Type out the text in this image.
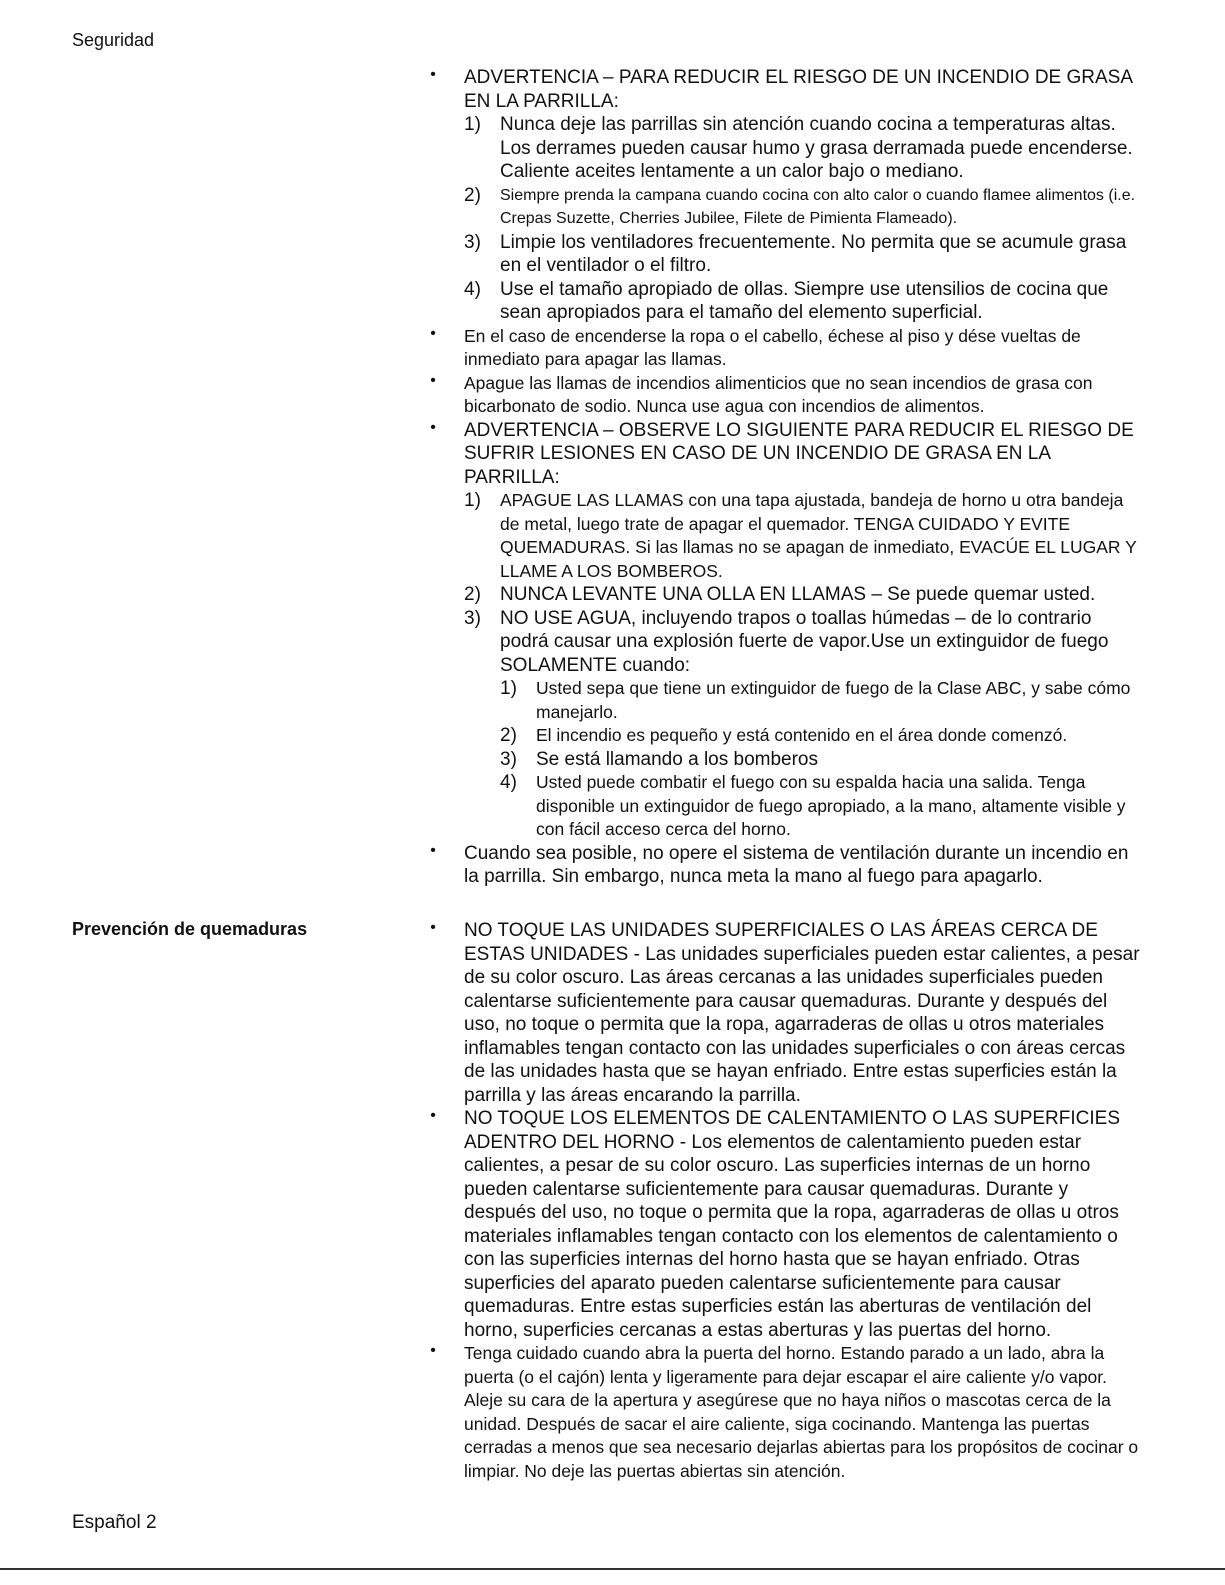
Seguridad
• ADVERTENCIA – PARA REDUCIR EL RIESGO DE UN INCENDIO DE GRASA EN LA PARRILLA:
1) Nunca deje las parrillas sin atención cuando cocina a temperaturas altas. Los derrames pueden causar humo y grasa derramada puede encenderse. Caliente aceites lentamente a un calor bajo o mediano.
2) Siempre prenda la campana cuando cocina con alto calor o cuando flamee alimentos (i.e. Crepas Suzette, Cherries Jubilee, Filete de Pimienta Flameado).
3) Limpie los ventiladores frecuentemente. No permita que se acumule grasa en el ventilador o el filtro.
4) Use el tamaño apropiado de ollas. Siempre use utensilios de cocina que sean apropiados para el tamaño del elemento superficial.
• En el caso de encenderse la ropa o el cabello, échese al piso y dése vueltas de inmediato para apagar las llamas.
• Apague las llamas de incendios alimenticios que no sean incendios de grasa con bicarbonato de sodio. Nunca use agua con incendios de alimentos.
• ADVERTENCIA – OBSERVE LO SIGUIENTE PARA REDUCIR EL RIESGO DE SUFRIR LESIONES EN CASO DE UN INCENDIO DE GRASA EN LA PARRILLA:
1) APAGUE LAS LLAMAS con una tapa ajustada, bandeja de horno u otra bandeja de metal, luego trate de apagar el quemador. TENGA CUIDADO Y EVITE QUEMADURAS. Si las llamas no se apagan de inmediato, EVACÚE EL LUGAR Y LLAME A LOS BOMBEROS.
2) NUNCA LEVANTE UNA OLLA EN LLAMAS – Se puede quemar usted.
3) NO USE AGUA, incluyendo trapos o toallas húmedas – de lo contrario podrá causar una explosión fuerte de vapor.Use un extinguidor de fuego SOLAMENTE cuando:
1) Usted sepa que tiene un extinguidor de fuego de la Clase ABC, y sabe cómo manejarlo.
2) El incendio es pequeño y está contenido en el área donde comenzó.
3) Se está llamando a los bomberos
4) Usted puede combatir el fuego con su espalda hacia una salida. Tenga disponible un extinguidor de fuego apropiado, a la mano, altamente visible y con fácil acceso cerca del horno.
• Cuando sea posible, no opere el sistema de ventilación durante un incendio en la parrilla. Sin embargo, nunca meta la mano al fuego para apagarlo.
Prevención de quemaduras	• NO TOQUE LAS UNIDADES SUPERFICIALES O LAS ÁREAS CERCA DE ESTAS UNIDADES - Las unidades superficiales pueden estar calientes, a pesar de su color oscuro. Las áreas cercanas a las unidades superficiales pueden calentarse suficientemente para causar quemaduras. Durante y después del uso, no toque o permita que la ropa, agarraderas de ollas u otros materiales inflamables tengan contacto con las unidades superficiales o con áreas cercas de las unidades hasta que se hayan enfriado. Entre estas superficies están la parrilla y las áreas encarando la parrilla.
• NO TOQUE LOS ELEMENTOS DE CALENTAMIENTO O LAS SUPERFICIES ADENTRO DEL HORNO - Los elementos de calentamiento pueden estar calientes, a pesar de su color oscuro. Las superficies internas de un horno pueden calentarse suficientemente para causar quemaduras. Durante y después del uso, no toque o permita que la ropa, agarraderas de ollas u otros materiales inflamables tengan contacto con los elementos de calentamiento o con las superficies internas del horno hasta que se hayan enfriado. Otras superficies del aparato pueden calentarse suficientemente para causar quemaduras. Entre estas superficies están las aberturas de ventilación del horno, superficies cercanas a estas aberturas y las puertas del horno.
• Tenga cuidado cuando abra la puerta del horno. Estando parado a un lado, abra la puerta (o el cajón) lenta y ligeramente para dejar escapar el aire caliente y/o vapor. Aleje su cara de la apertura y asegúrese que no haya niños o mascotas cerca de la unidad. Después de sacar el aire caliente, siga cocinando. Mantenga las puertas cerradas a menos que sea necesario dejarlas abiertas para los propósitos de cocinar o limpiar. No deje las puertas abiertas sin atención.
Español 2
